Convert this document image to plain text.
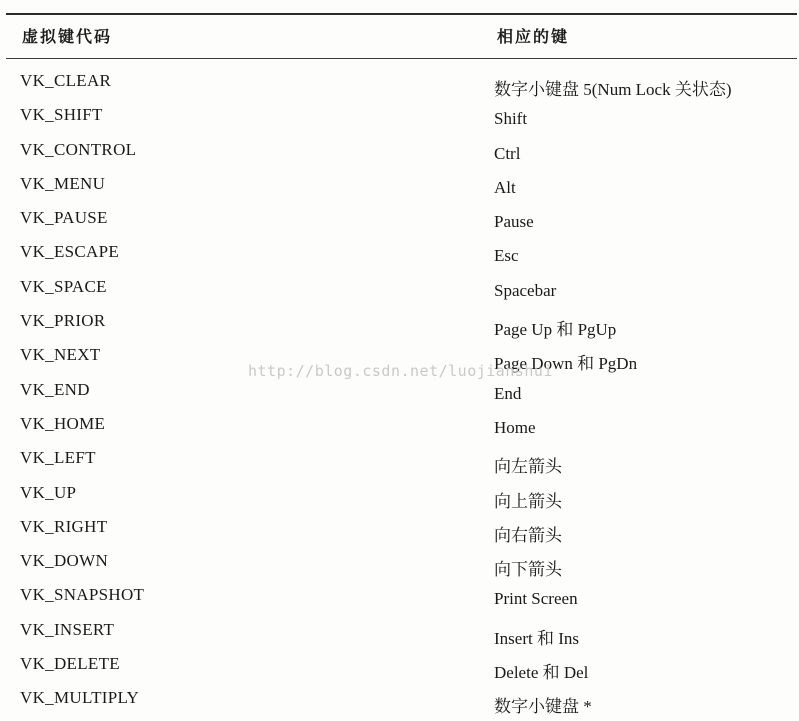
虚拟键代码	相应的键
VK_CLEAR	数字小键盘 5(Num Lock 关状态)
VK_SHIFT	Shift
VK_CONTROL	Ctrl
VK_MENU	Alt
VK_PAUSE	Pause
VK_ESCAPE	Esc
VK_SPACE	Spacebar
VK_PRIOR	Page Up 和 PgUp
VK_NEXT	Page Down 和 PgDn
VK_END	End
VK_HOME	Home
VK_LEFT	向左箭头
VK_UP	向上箭头
VK_RIGHT	向右箭头
VK_DOWN	向下箭头
VK_SNAPSHOT	Print Screen
VK_INSERT	Insert 和 Ins
VK_DELETE	Delete 和 Del
VK_MULTIPLY	数字小键盘 *
http://blog.csdn.net/luojianshui
